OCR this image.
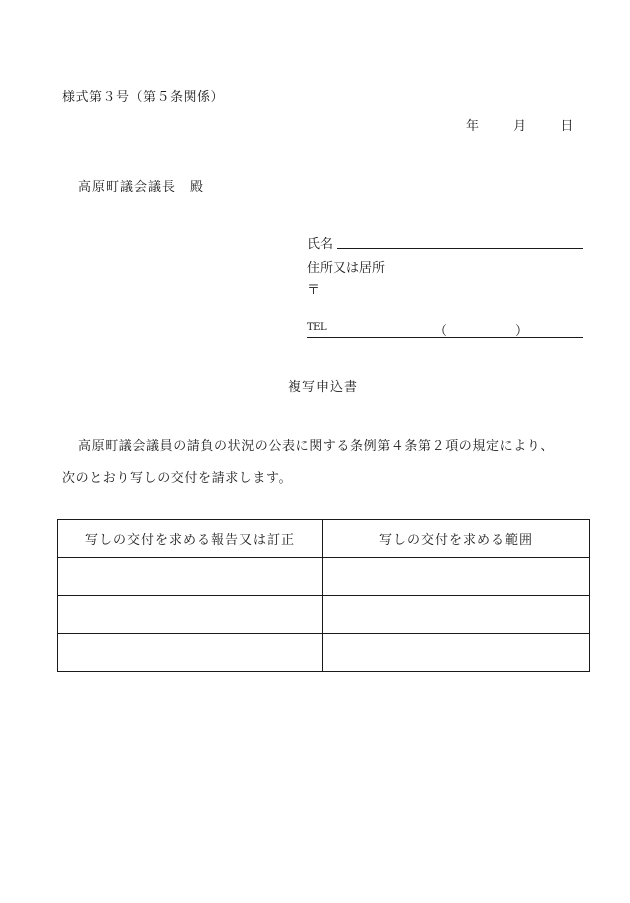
様式第３号（第５条関係）
年	月	日
高原町議会議長　殿
氏名
住所又は居所
〒
TEL	（	）
複写申込書
高原町議会議員の請負の状況の公表に関する条例第４条第２項の規定により、
次のとおり写しの交付を請求します。
写しの交付を求める報告又は訂正	写しの交付を求める範囲
